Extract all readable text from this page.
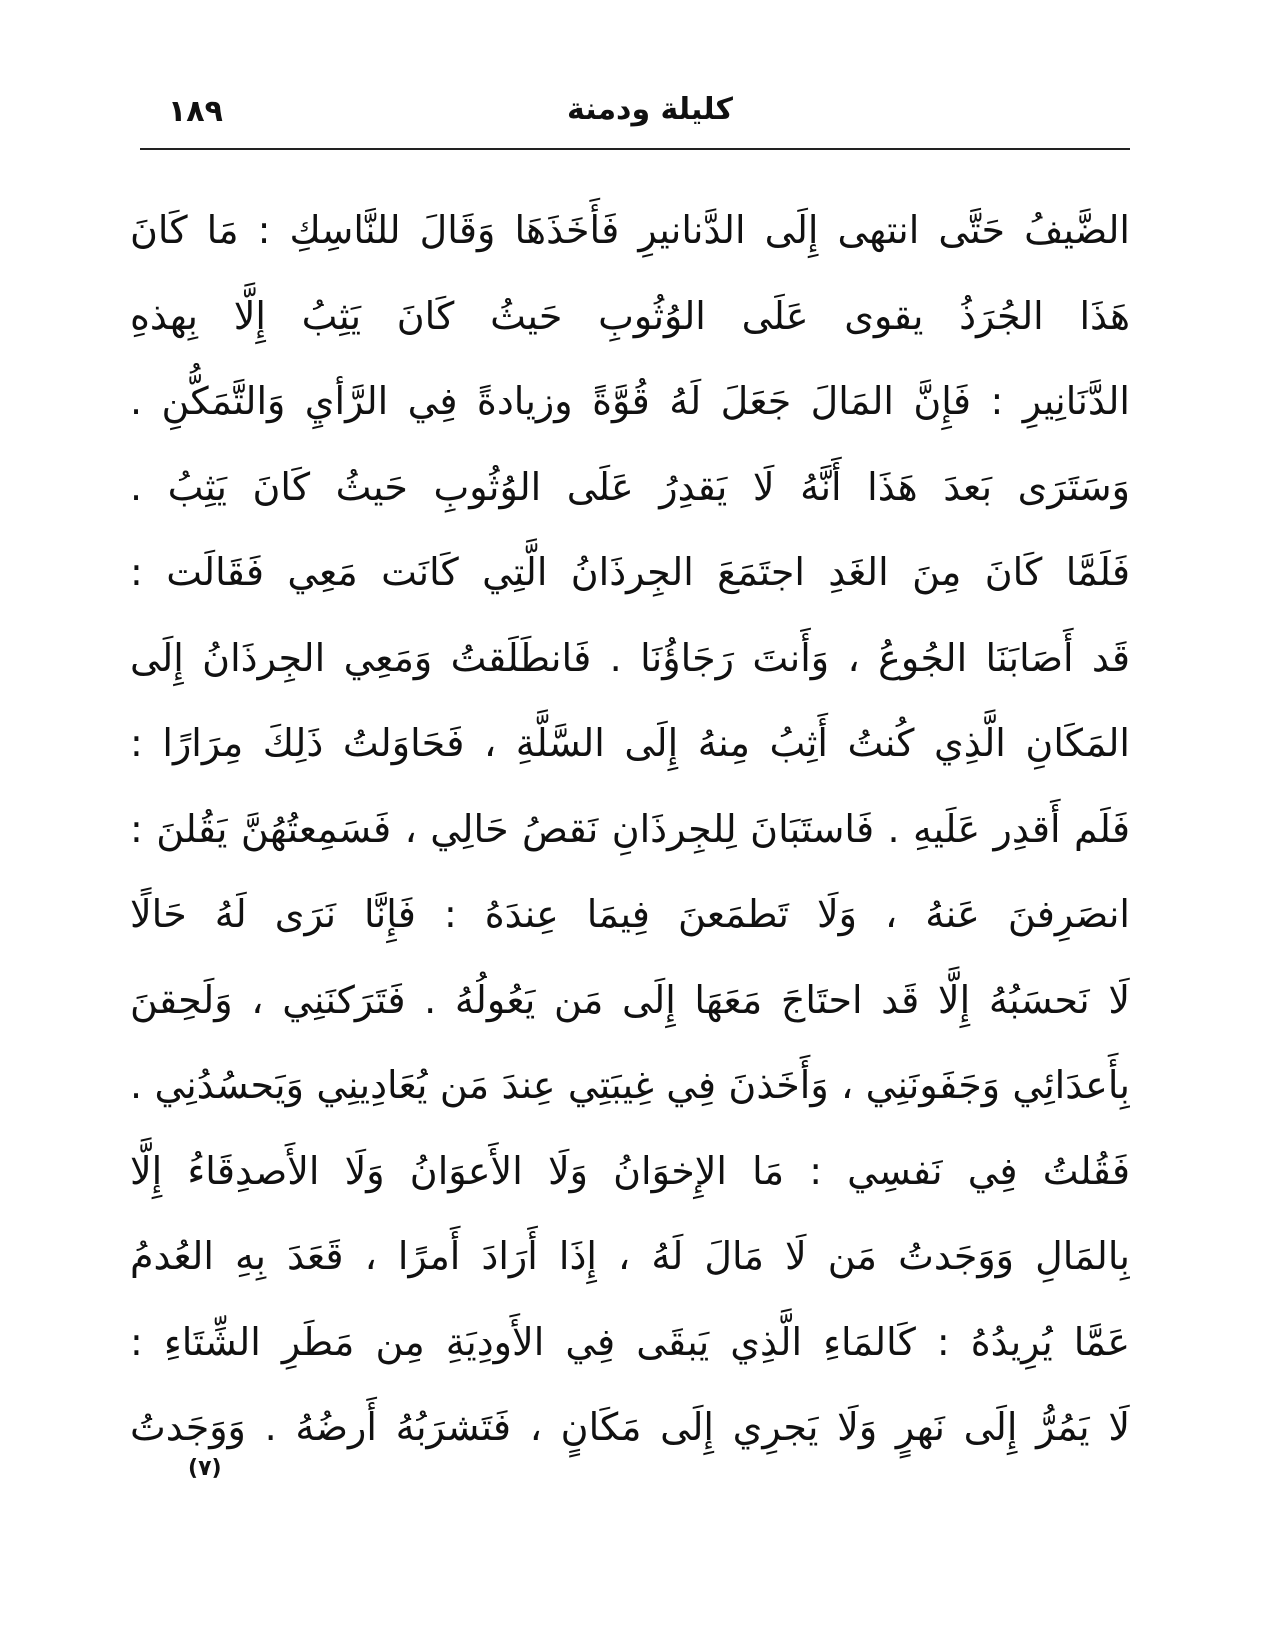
١٨٩	كليلة ودمنة
الضَّيفُ حَتَّى انتهى إِلَى الدَّنانيرِ فَأَخَذَهَا وَقَالَ للنَّاسِكِ : مَا كَانَ
هَذَا الجُرَذُ يقوى عَلَى الوُثُوبِ حَيثُ كَانَ يَثِبُ إِلَّا بِهذهِ
الدَّنَانِيرِ : فَإِنَّ المَالَ جَعَلَ لَهُ قُوَّةً وزيادةً فِي الرَّأيِ وَالتَّمَكُّنِ .
وَسَتَرَى بَعدَ هَذَا أَنَّهُ لَا يَقدِرُ عَلَى الوُثُوبِ حَيثُ كَانَ يَثِبُ .
فَلَمَّا كَانَ مِنَ الغَدِ اجتَمَعَ الجِرذَانُ الَّتِي كَانَت مَعِي فَقَالَت :
قَد أَصَابَنَا الجُوعُ ، وَأَنتَ رَجَاؤُنَا . فَانطَلَقتُ وَمَعِي الجِرذَانُ إِلَى
المَكَانِ الَّذِي كُنتُ أَثِبُ مِنهُ إِلَى السَّلَّةِ ، فَحَاوَلتُ ذَلِكَ مِرَارًا :
فَلَم أَقدِر عَلَيهِ . فَاستَبَانَ لِلجِرذَانِ نَقصُ حَالِي ، فَسَمِعتُهُنَّ يَقُلنَ :
انصَرِفنَ عَنهُ ، وَلَا تَطمَعنَ فِيمَا عِندَهُ : فَإِنَّا نَرَى لَهُ حَالًا
لَا نَحسَبُهُ إِلَّا قَد احتَاجَ مَعَهَا إِلَى مَن يَعُولُهُ . فَتَرَكنَنِي ، وَلَحِقنَ
بِأَعدَائِي وَجَفَونَنِي ، وَأَخَذنَ فِي غِيبَتِي عِندَ مَن يُعَادِينِي وَيَحسُدُنِي .
فَقُلتُ فِي نَفسِي : مَا الإِخوَانُ وَلَا الأَعوَانُ وَلَا الأَصدِقَاءُ إِلَّا
بِالمَالِ وَوَجَدتُ مَن لَا مَالَ لَهُ ، إِذَا أَرَادَ أَمرًا ، قَعَدَ بِهِ العُدمُ
عَمَّا يُرِيدُهُ : كَالمَاءِ الَّذِي يَبقَى فِي الأَودِيَةِ مِن مَطَرِ الشِّتَاءِ :
لَا يَمُرُّ إِلَى نَهرٍ وَلَا يَجرِي إِلَى مَكَانٍ ، فَتَشرَبُهُ أَرضُهُ . وَوَجَدتُ
(٧)
